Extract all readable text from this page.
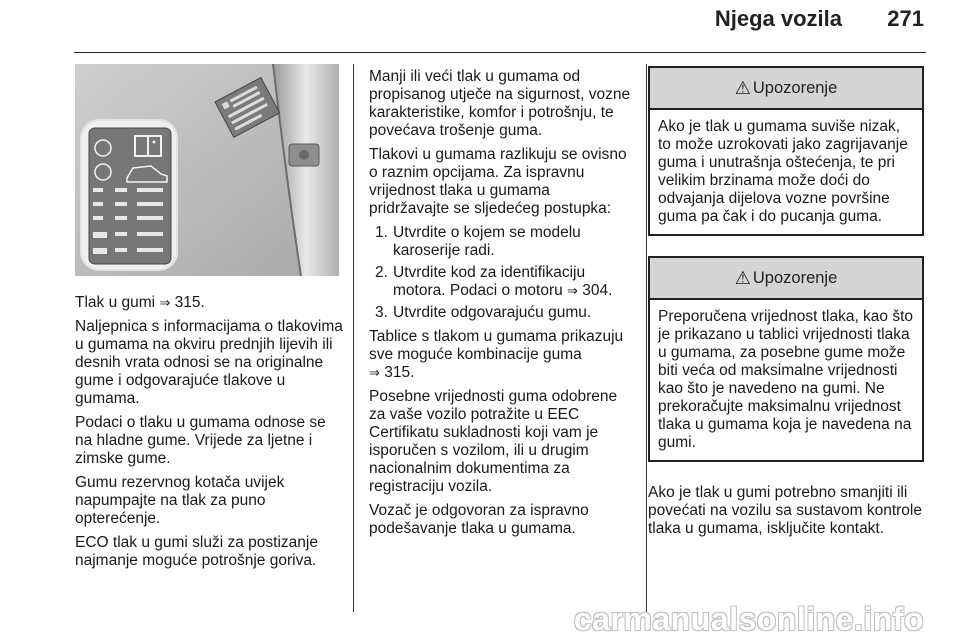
Njega vozila 271

Tlak u gumi ⇒ 315.

Naljepnica s informacijama o tlakovima u gumama na okviru prednjih lijevih ili desnih vrata odnosi se na originalne gume i odgovarajuće tlakove u gumama.

Podaci o tlaku u gumama odnose se na hladne gume. Vrijede za ljetne i zimske gume.

Gumu rezervnog kotača uvijek napumpajte na tlak za puno opterećenje.

ECO tlak u gumi služi za postizanje najmanje moguće potrošnje goriva.

Manji ili veći tlak u gumama od propisanog utječe na sigurnost, vozne karakteristike, komfor i potrošnju, te povećava trošenje guma.

Tlakovi u gumama razlikuju se ovisno o raznim opcijama. Za ispravnu vrijednost tlaka u gumama pridržavajte se sljedećeg postupka:

1. Utvrdite o kojem se modelu karoserije radi.
2. Utvrdite kod za identifikaciju motora. Podaci o motoru ⇒ 304.
3. Utvrdite odgovarajuću gumu.

Tablice s tlakom u gumama prikazuju sve moguće kombinacije guma
⇒ 315.

Posebne vrijednosti guma odobrene za vaše vozilo potražite u EEC Certifikatu sukladnosti koji vam je isporučen s vozilom, ili u drugim nacionalnim dokumentima za registraciju vozila.

Vozač je odgovoran za ispravno podešavanje tlaka u gumama.

⚠ Upozorenje
Ako je tlak u gumama suviše nizak, to može uzrokovati jako zagrijavanje guma i unutrašnja oštećenja, te pri velikim brzinama može doći do odvajanja dijelova vozne površine guma pa čak i do pucanja guma.
⚠ Upozorenje
Preporučena vrijednost tlaka, kao što je prikazano u tablici vrijednosti tlaka u gumama, za posebne gume može biti veća od maksimalne vrijednosti kao što je navedeno na gumi. Ne prekoračujte maksimalnu vrijednost tlaka u gumama koja je navedena na gumi.

Ako je tlak u gumi potrebno smanjiti ili povećati na vozilu sa sustavom kontrole tlaka u gumama, isključite kontakt.

carmanualsonline.info
